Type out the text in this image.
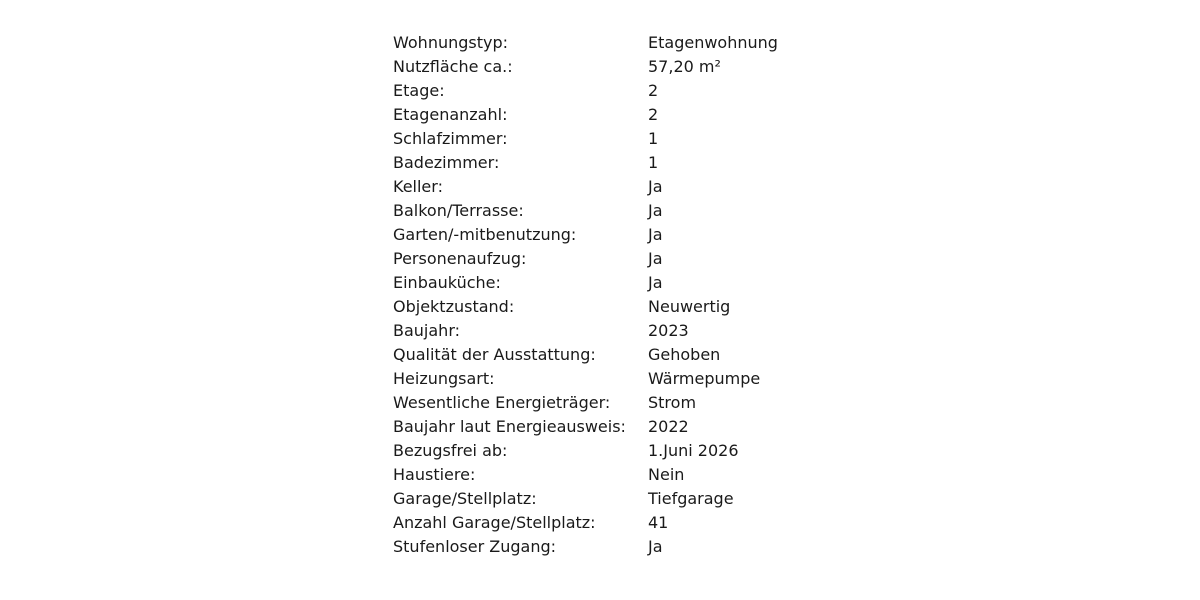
Wohnungstyp:	Etagenwohnung
Nutzfläche ca.:	57,20 m²
Etage:	2
Etagenanzahl:	2
Schlafzimmer:	1
Badezimmer:	1
Keller:	Ja
Balkon/Terrasse:	Ja
Garten/-mitbenutzung:	Ja
Personenaufzug:	Ja
Einbauküche:	Ja
Objektzustand:	Neuwertig
Baujahr:	2023
Qualität der Ausstattung:	Gehoben
Heizungsart:	Wärmepumpe
Wesentliche Energieträger:	Strom
Baujahr laut Energieausweis:	2022
Bezugsfrei ab:	1.Juni 2026
Haustiere:	Nein
Garage/Stellplatz:	Tiefgarage
Anzahl Garage/Stellplatz:	41
Stufenloser Zugang:	Ja
